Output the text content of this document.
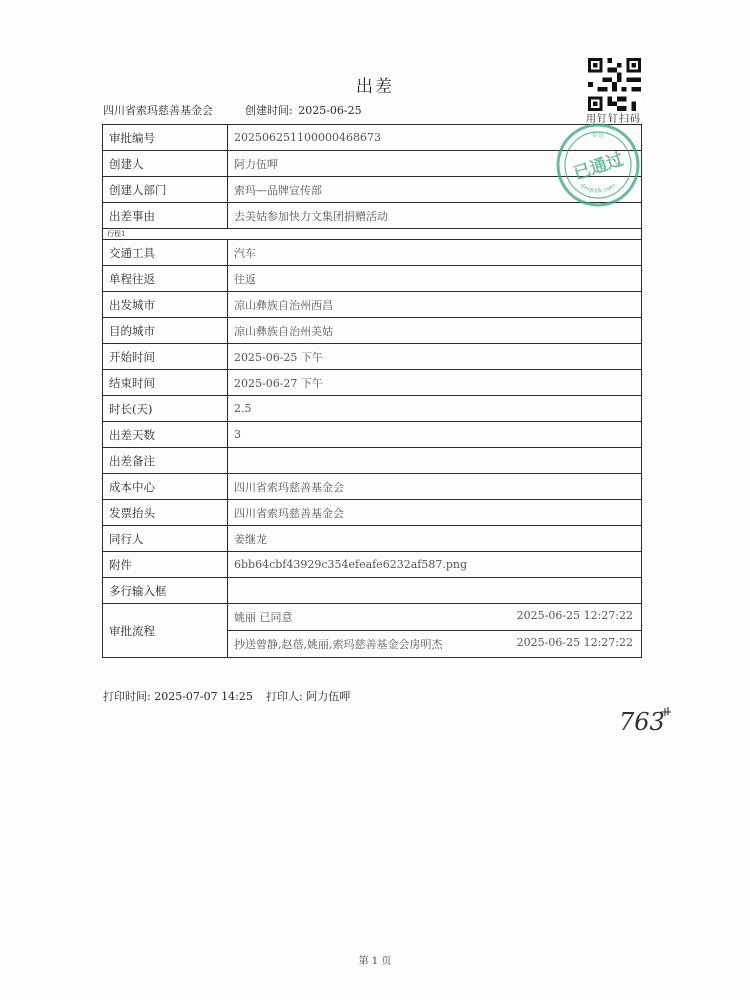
出差
四川省索玛慈善基金会	创建时间: 2025-06-25
用钉钉扫码
审批编号	202506251100000468673
创建人	阿力伍呷
创建人部门	索玛—品牌宣传部
出差事由	去美姑参加快力文集团捐赠活动
行程1	
交通工具	汽车
单程往返	往返
出发城市	凉山彝族自治州西昌
目的城市	凉山彝族自治州美姑
开始时间	2025-06-25 下午
结束时间	2025-06-27 下午
时长(天)	2.5
出差天数	3
出差备注	
成本中心	四川省索玛慈善基金会
发票抬头	四川省索玛慈善基金会
同行人	姜继龙
附件	6bb64cbf43929c354efeafe6232af587.png
多行输入框	
审批流程	姚丽 已同意 2025-06-25 12:27:22

	抄送曾静,赵蓓,姚丽,索玛慈善基金会房明杰 2025-06-25 12:27:22
审批
dingtalk.com
已通过
打印时间: 2025-07-07 14:25 打印人: 阿力伍呷
763
第 1 页
